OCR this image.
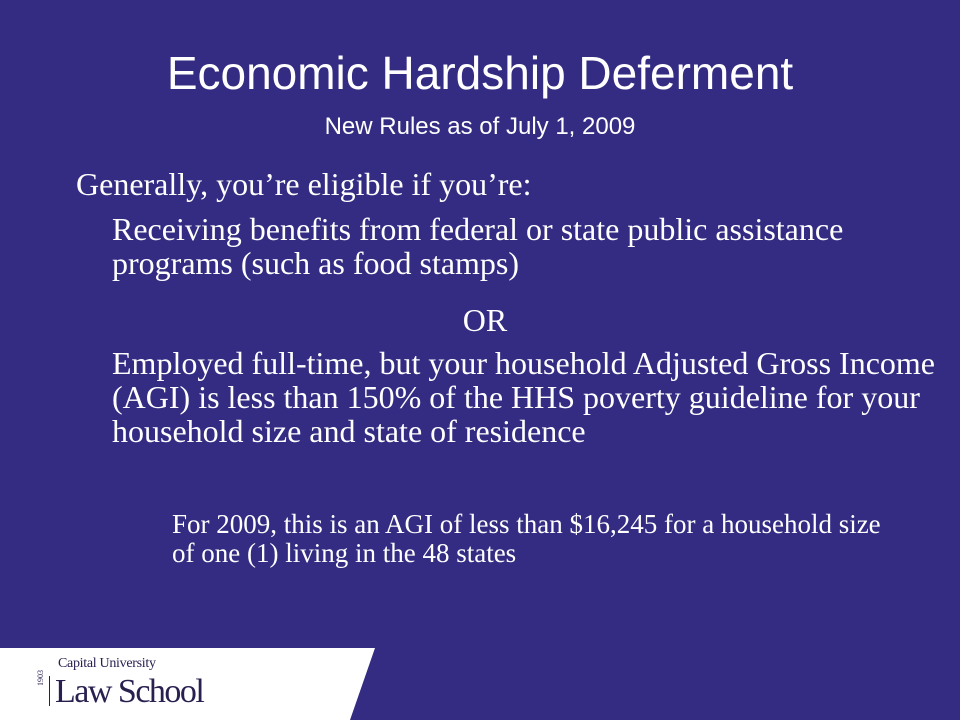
Economic Hardship Deferment
New Rules as of July 1, 2009
Generally, you’re eligible if you’re:
Receiving benefits from federal or state public assistance programs (such as food stamps)
OR
Employed full-time, but your household Adjusted Gross Income (AGI) is less than 150% of the HHS poverty guideline for your household size and state of residence
For 2009, this is an AGI of less than $16,245 for a household size of one (1) living in the 48 states
Capital University
1903 Law School
